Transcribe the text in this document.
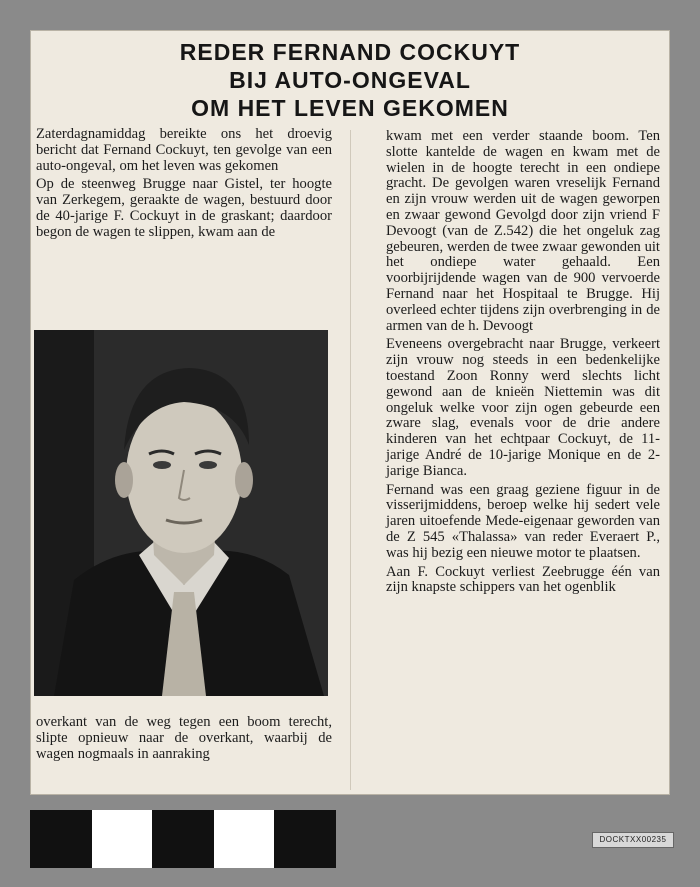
REDER FERNAND COCKUYT
BIJ AUTO-ONGEVAL
OM HET LEVEN GEKOMEN

Zaterdagnamiddag bereikte ons het droevig bericht dat Fernand Cockuyt, ten gevolge van een auto-ongeval, om het leven was gekomen

Op de steenweg Brugge naar Gistel, ter hoogte van Zerkegem, geraakte de wagen, bestuurd door de 40-jarige F. Cockuyt in de graskant; daardoor begon de wagen te slippen, kwam aan de

overkant van de weg tegen een boom terecht, slipte opnieuw naar de overkant, waarbij de wagen nogmaals in aanraking

kwam met een verder staande boom. Ten slotte kantelde de wagen en kwam met de wielen in de hoogte terecht in een ondiepe gracht. De gevolgen waren vreselijk Fernand en zijn vrouw werden uit de wagen geworpen en zwaar gewond Gevolgd door zijn vriend F Devoogt (van de Z.542) die het ongeluk zag gebeuren, werden de twee zwaar gewonden uit het ondiepe water gehaald. Een voorbijrijdende wagen van de 900 vervoerde Fernand naar het Hospitaal te Brugge. Hij overleed echter tijdens zijn overbrenging in de armen van de h. Devoogt

Eveneens overgebracht naar Brugge, verkeert zijn vrouw nog steeds in een bedenkelijke toestand Zoon Ronny werd slechts licht gewond aan de knieën Niettemin was dit ongeluk welke voor zijn ogen gebeurde een zware slag, evenals voor de drie andere kinderen van het echtpaar Cockuyt, de 11-jarige André de 10-jarige Monique en de 2-jarige Bianca.

Fernand was een graag geziene figuur in de visserijmiddens, beroep welke hij sedert vele jaren uitoefende Mede-eigenaar geworden van de Z 545 «Thalassa» van reder Everaert P., was hij bezig een nieuwe motor te plaatsen.

Aan F. Cockuyt verliest Zeebrugge één van zijn knapste schippers van het ogenblik

DOCKTXX00235
